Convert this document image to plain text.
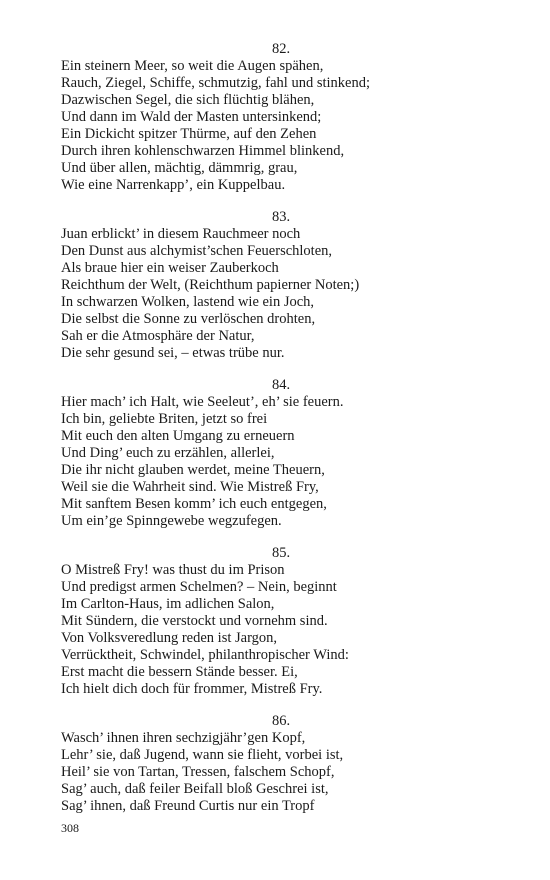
82.
Ein steinern Meer, so weit die Augen spähen,
Rauch, Ziegel, Schiffe, schmutzig, fahl und stinkend;
Dazwischen Segel, die sich flüchtig blähen,
Und dann im Wald der Masten untersinkend;
Ein Dickicht spitzer Thürme, auf den Zehen
Durch ihren kohlenschwarzen Himmel blinkend,
Und über allen, mächtig, dämmrig, grau,
Wie eine Narrenkapp’, ein Kuppelbau.
83.
Juan erblickt’ in diesem Rauchmeer noch
Den Dunst aus alchymist’schen Feuerschloten,
Als braue hier ein weiser Zauberkoch
Reichthum der Welt, (Reichthum papierner Noten;)
In schwarzen Wolken, lastend wie ein Joch,
Die selbst die Sonne zu verlöschen drohten,
Sah er die Atmosphäre der Natur,
Die sehr gesund sei, – etwas trübe nur.
84.
Hier mach’ ich Halt, wie Seeleut’, eh’ sie feuern.
Ich bin, geliebte Briten, jetzt so frei
Mit euch den alten Umgang zu erneuern
Und Ding’ euch zu erzählen, allerlei,
Die ihr nicht glauben werdet, meine Theuern,
Weil sie die Wahrheit sind. Wie Mistreß Fry,
Mit sanftem Besen komm’ ich euch entgegen,
Um ein’ge Spinngewebe wegzufegen.
85.
O Mistreß Fry! was thust du im Prison
Und predigst armen Schelmen? – Nein, beginnt
Im Carlton-Haus, im adlichen Salon,
Mit Sündern, die verstockt und vornehm sind.
Von Volksveredlung reden ist Jargon,
Verrücktheit, Schwindel, philanthropischer Wind:
Erst macht die bessern Stände besser. Ei,
Ich hielt dich doch für frommer, Mistreß Fry.
86.
Wasch’ ihnen ihren sechzigjähr’gen Kopf,
Lehr’ sie, daß Jugend, wann sie flieht, vorbei ist,
Heil’ sie von Tartan, Tressen, falschem Schopf,
Sag’ auch, daß feiler Beifall bloß Geschrei ist,
Sag’ ihnen, daß Freund Curtis nur ein Tropf
308
